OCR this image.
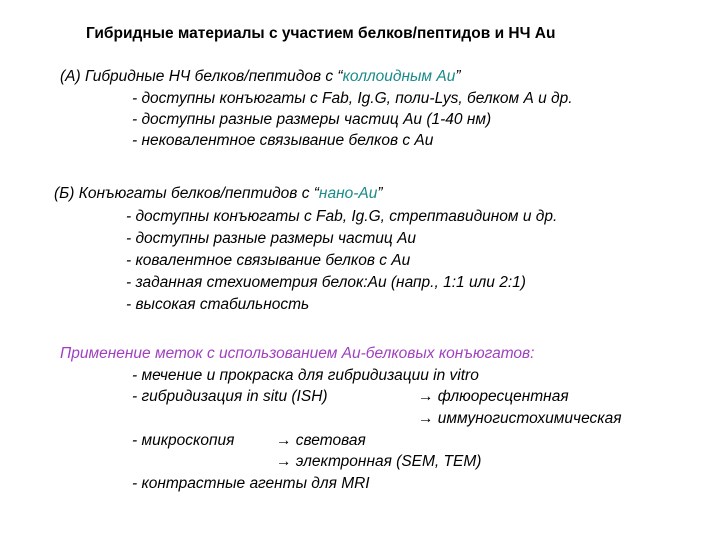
Гибридные материалы с участием белков/пептидов и НЧ Au
(А) Гибридные НЧ белков/пептидов с “коллоидным Au”
- доступны конъюгаты с Fab, Ig.G, поли-Lys, белком А и др.
- доступны разные размеры частиц Au (1-40 нм)
- нековалентное связывание белков с Au
(Б) Конъюгаты белков/пептидов с “нано-Au”
- доступны конъюгаты с Fab, Ig.G, стрептавидином и др.
- доступны разные размеры частиц Au
- ковалентное связывание белков с Au
- заданная стехиометрия белок:Au (напр., 1:1 или 2:1)
- высокая стабильность
Применение меток с использованием Au-белковых конъюгатов:
- мечение и прокраска для гибридизации in vitro
- гибридизация in situ (ISH)	→ флюоресцентная
→ иммуногистохимическая
- микроскопия	→ световая
→ электронная (SEM, TEM)
- контрастные агенты для MRI
